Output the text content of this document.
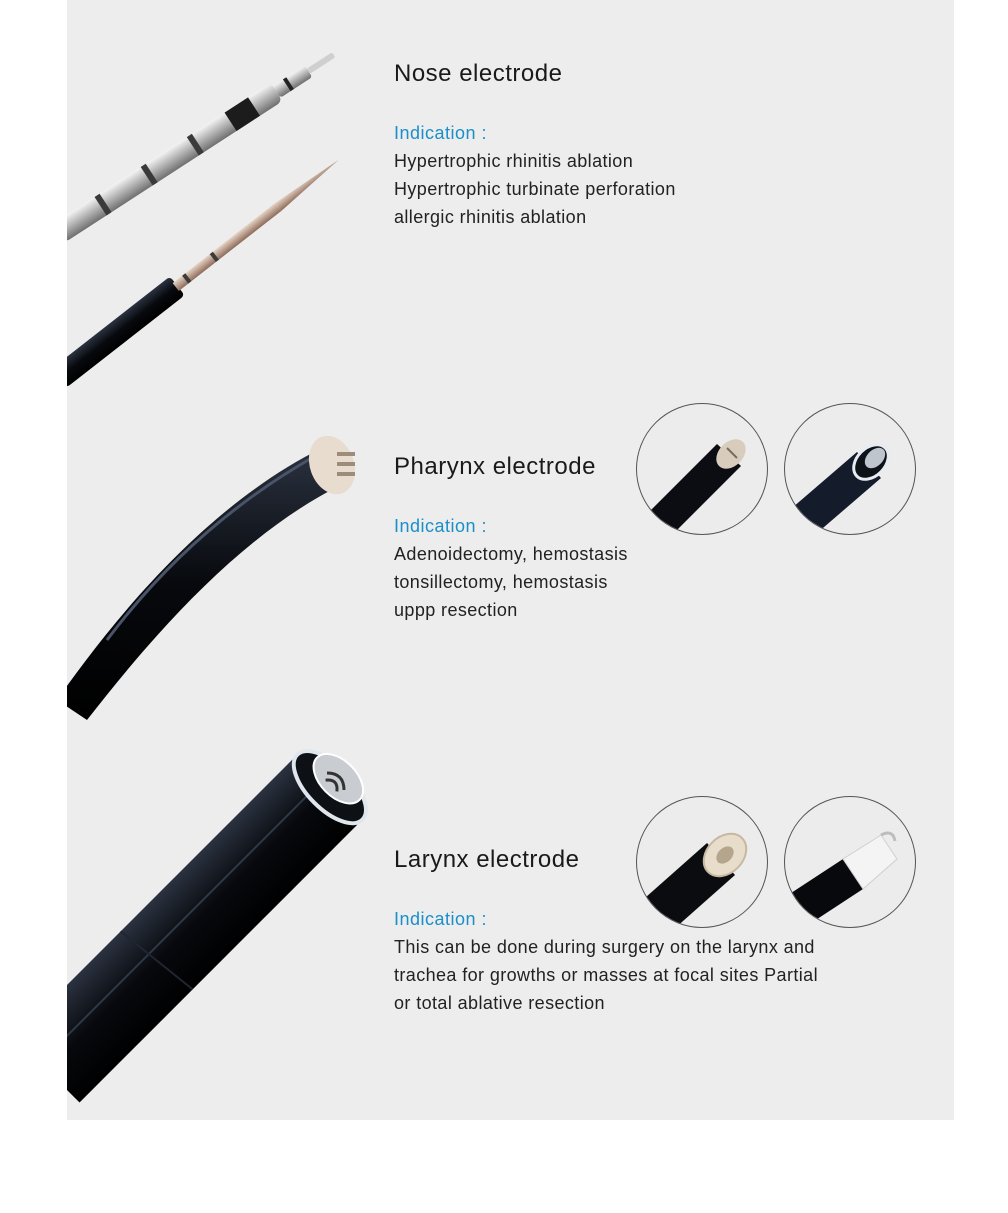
Nose electrode
Indication :
Hypertrophic rhinitis ablation
Hypertrophic turbinate perforation
allergic rhinitis ablation
Pharynx electrode
Indication :
Adenoidectomy, hemostasis
tonsillectomy, hemostasis
uppp resection
Larynx electrode
Indication :
This can be done during surgery on the larynx and
trachea for growths or masses at focal sites Partial
or total ablative resection
